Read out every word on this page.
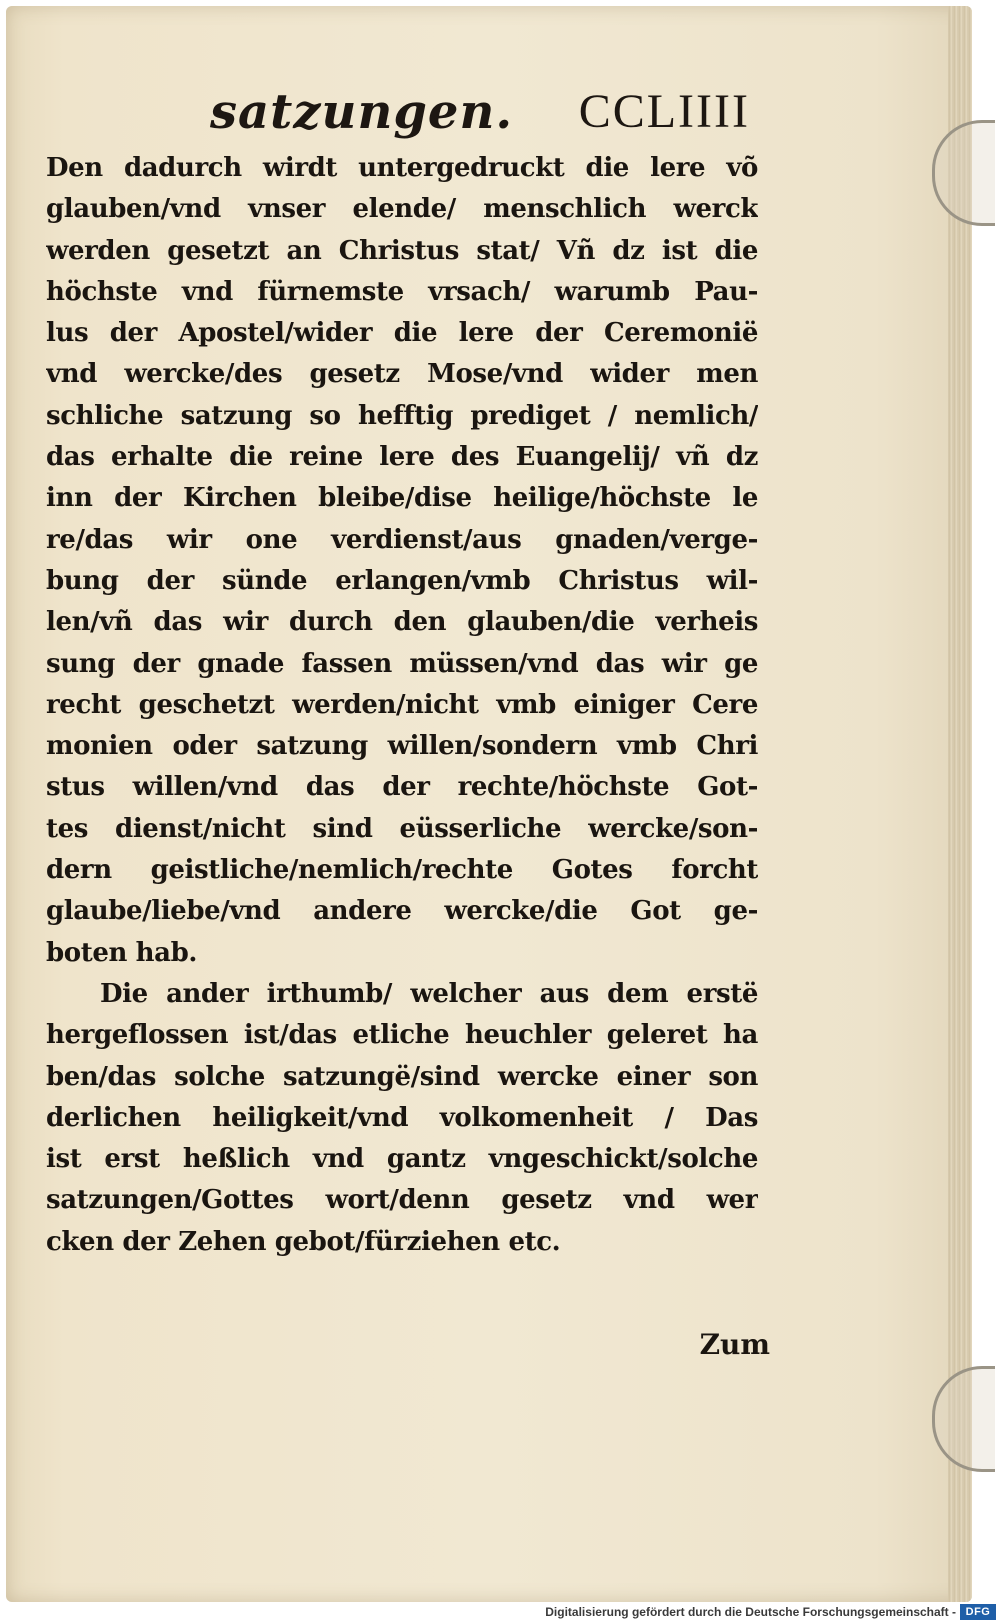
satzungen. CCLIIII
Den dadurch wirdt untergedruckt die lere võ
glauben/vnd vnser elende/ menschlich werck
werden gesetzt an Christus stat/ Vñ dz ist die
höchste vnd fürnemste vrsach/ warumb Pau-
lus der Apostel/wider die lere der Ceremonië
vnd wercke/des gesetz Mose/vnd wider men
schliche satzung so hefftig prediget / nemlich/
das erhalte die reine lere des Euangelij/ vñ dz
inn der Kirchen bleibe/dise heilige/höchste le
re/das wir one verdienst/aus gnaden/verge-
bung der sünde erlangen/vmb Christus wil-
len/vñ das wir durch den glauben/die verheis
sung der gnade fassen müssen/vnd das wir ge
recht geschetzt werden/nicht vmb einiger Cere
monien oder satzung willen/sondern vmb Chri
stus willen/vnd das der rechte/höchste Got-
tes dienst/nicht sind eüsserliche wercke/son-
dern geistliche/nemlich/rechte Gotes forcht
glaube/liebe/vnd andere wercke/die Got ge-
boten hab.
Die ander irthumb/ welcher aus dem erstë
hergeflossen ist/das etliche heuchler geleret ha
ben/das solche satzungë/sind wercke einer son
derlichen heiligkeit/vnd volkomenheit / Das
ist erst heßlich vnd gantz vngeschickt/solche
satzungen/Gottes wort/denn gesetz vnd wer
cken der Zehen gebot/fürziehen etc.
Zum
Digitalisierung gefördert durch die Deutsche Forschungsgemeinschaft - DFG
